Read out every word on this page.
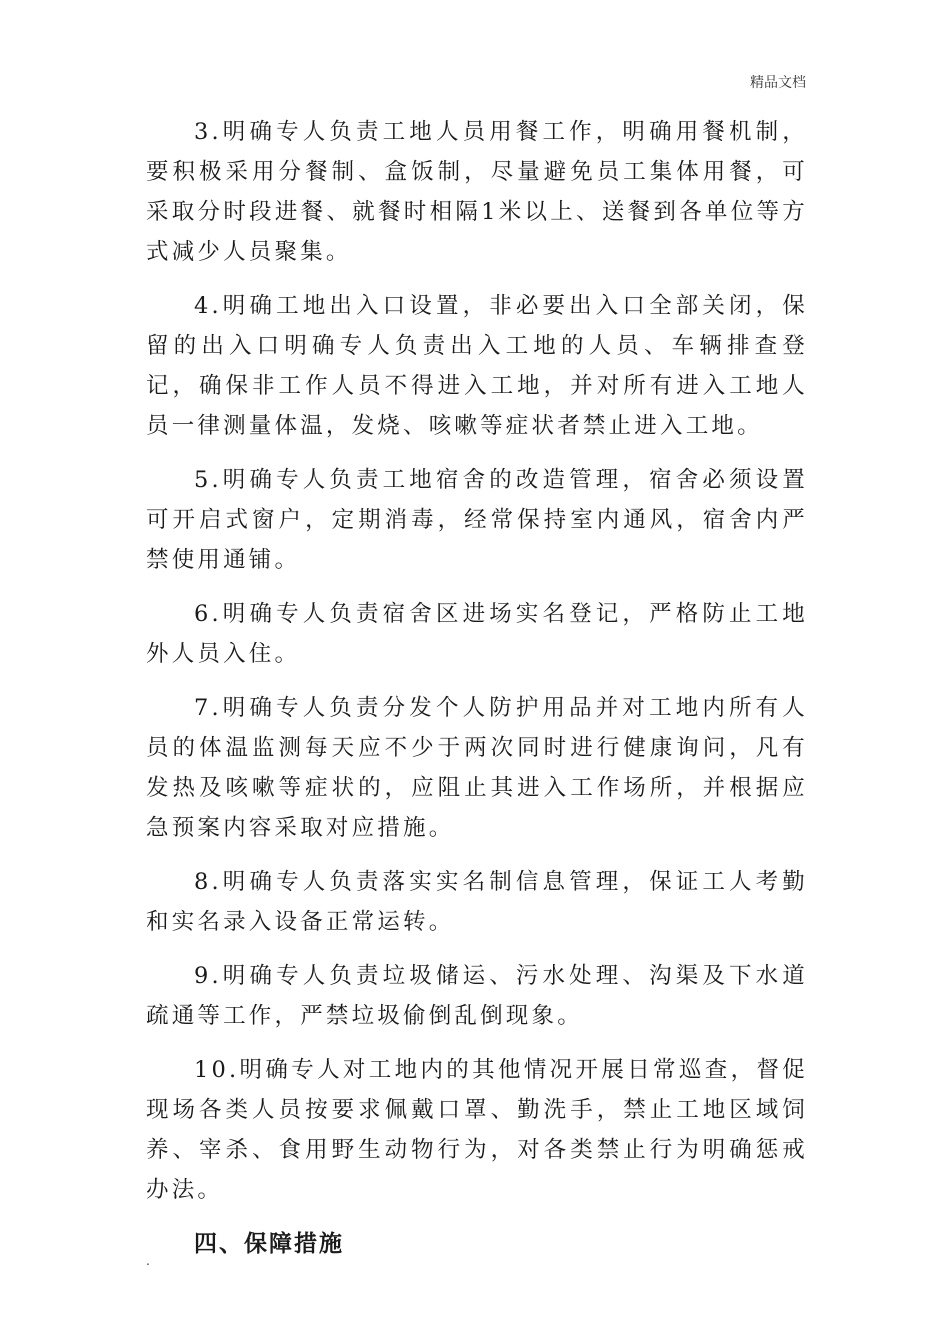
精品文档

3.明确专人负责工地人员用餐工作，明确用餐机制，要积极采用分餐制、盒饭制，尽量避免员工集体用餐，可采取分时段进餐、就餐时相隔1米以上、送餐到各单位等方式减少人员聚集。

4.明确工地出入口设置，非必要出入口全部关闭，保留的出入口明确专人负责出入工地的人员、车辆排查登记，确保非工作人员不得进入工地，并对所有进入工地人员一律测量体温，发烧、咳嗽等症状者禁止进入工地。

5.明确专人负责工地宿舍的改造管理，宿舍必须设置可开启式窗户，定期消毒，经常保持室内通风，宿舍内严禁使用通铺。

6.明确专人负责宿舍区进场实名登记，严格防止工地外人员入住。

7.明确专人负责分发个人防护用品并对工地内所有人员的体温监测每天应不少于两次同时进行健康询问，凡有发热及咳嗽等症状的，应阻止其进入工作场所，并根据应急预案内容采取对应措施。

8.明确专人负责落实实名制信息管理，保证工人考勤和实名录入设备正常运转。

9.明确专人负责垃圾储运、污水处理、沟渠及下水道疏通等工作，严禁垃圾偷倒乱倒现象。

10.明确专人对工地内的其他情况开展日常巡查，督促现场各类人员按要求佩戴口罩、勤洗手，禁止工地区域饲养、宰杀、食用野生动物行为，对各类禁止行为明确惩戒办法。

四、保障措施
.
